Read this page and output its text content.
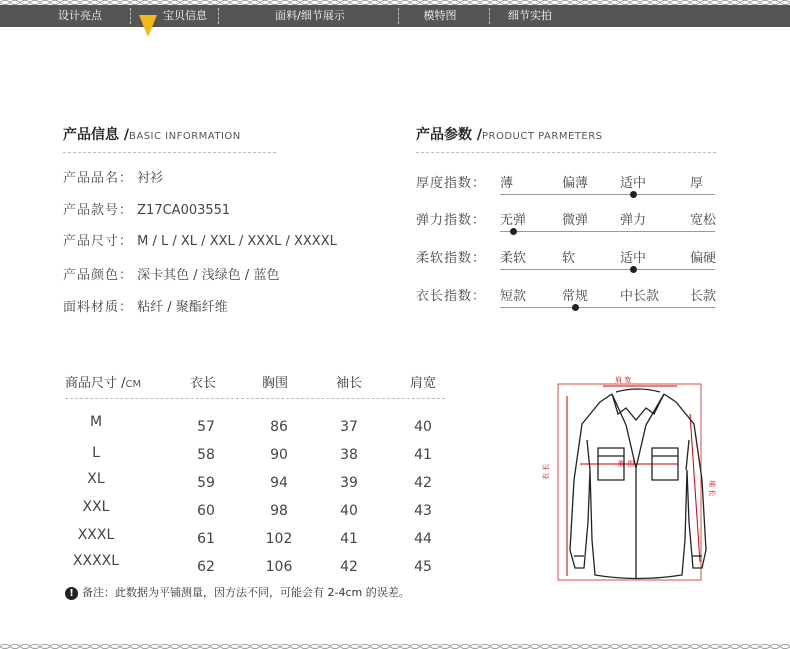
设计亮点	宝贝信息	面料/细节展示	模特图	细节实拍
产品信息 /BASIC INFORMATION
产品品名： 衬衫
产品款号： Z17CA003551
产品尺寸： M / L / XL / XXL / XXXL / XXXXL
产品颜色： 深卡其色 / 浅绿色 / 蓝色
面料材质： 粘纤 / 聚酯纤维
产品参数 /PRODUCT PARMETERS
厚度指数： 薄	偏薄 适中	厚
弹力指数： 无弹	微弹 弹力	宽松
柔软指数： 柔软	软	适中	偏硬
衣长指数： 短款	常规 中长款 长款
商品尺寸 /CM	衣长	胸围	袖长	肩宽
M	57	86	37	40
L	58	90	38	41
XL	59	94	39	42
XXL	60	98	40	43
XXXL	61	102	41	44
XXXXL	62	106	42	45
! 备注：此数据为平铺测量，因方法不同，可能会有 2-4cm 的误差。
肩 宽
胸 围
衣 长
袖 长
